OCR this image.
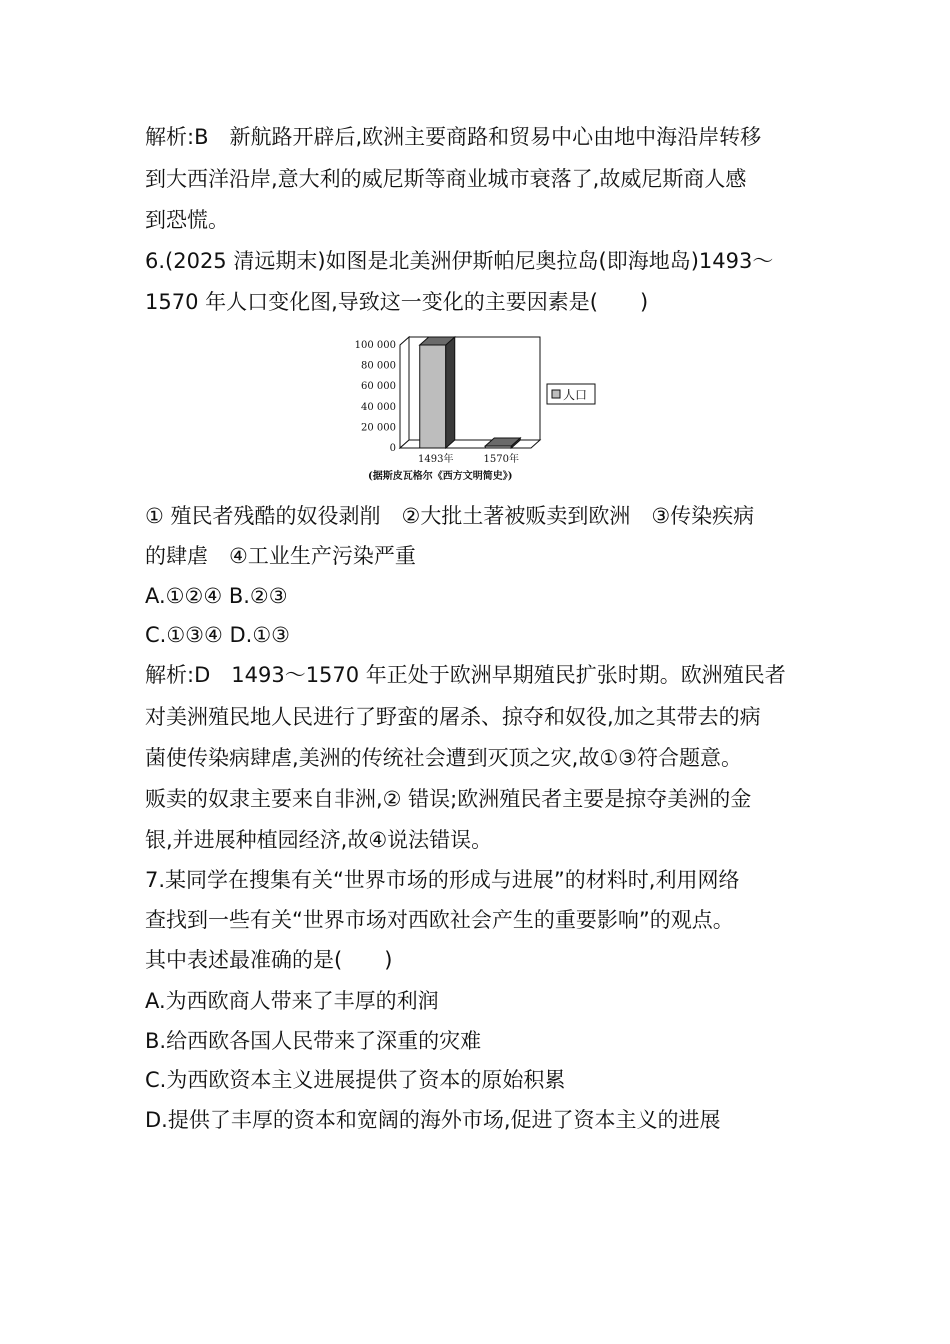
解析:B　新航路开辟后,欧洲主要商路和贸易中心由地中海沿岸转移
到大西洋沿岸,意大利的威尼斯等商业城市衰落了,故威尼斯商人感
到恐慌。
6.(2025 清远期末)如图是北美洲伊斯帕尼奥拉岛(即海地岛)1493～
1570 年人口变化图,导致这一变化的主要因素是(　　)
100 000
80 000
60 000
40 000
20 000
0
1493年	1570年
人口
(据斯皮瓦格尔《西方文明简史》)
① 殖民者残酷的奴役剥削　②大批土著被贩卖到欧洲　③传染疾病
的肆虐　④工业生产污染严重
A.①②④ B.②③
C.①③④ D.①③
解析:D　1493～1570 年正处于欧洲早期殖民扩张时期。欧洲殖民者
对美洲殖民地人民进行了野蛮的屠杀、掠夺和奴役,加之其带去的病
菌使传染病肆虐,美洲的传统社会遭到灭顶之灾,故①③符合题意。
贩卖的奴隶主要来自非洲,② 错误;欧洲殖民者主要是掠夺美洲的金
银,并进展种植园经济,故④说法错误。
7.某同学在搜集有关“世界市场的形成与进展”的材料时,利用网络
查找到一些有关“世界市场对西欧社会产生的重要影响”的观点。
其中表述最准确的是(　　)
A.为西欧商人带来了丰厚的利润
B.给西欧各国人民带来了深重的灾难
C.为西欧资本主义进展提供了资本的原始积累
D.提供了丰厚的资本和宽阔的海外市场,促进了资本主义的进展
